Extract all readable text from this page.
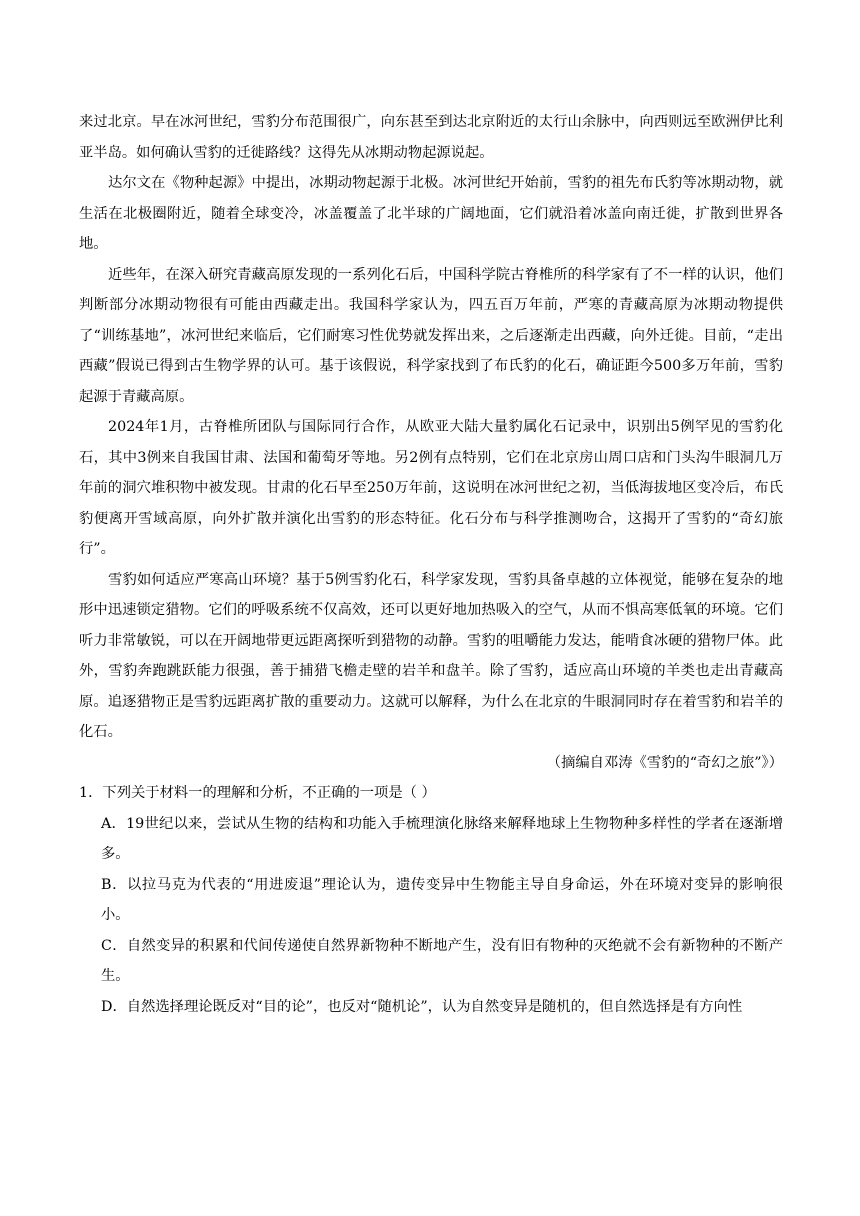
来过北京。早在冰河世纪，雪豹分布范围很广，向东甚至到达北京附近的太行山余脉中，向西则远至欧洲伊比利亚半岛。如何确认雪豹的迁徙路线？这得先从冰期动物起源说起。

达尔文在《物种起源》中提出，冰期动物起源于北极。冰河世纪开始前，雪豹的祖先布氏豹等冰期动物，就生活在北极圈附近，随着全球变冷，冰盖覆盖了北半球的广阔地面，它们就沿着冰盖向南迁徙，扩散到世界各地。

近些年，在深入研究青藏高原发现的一系列化石后，中国科学院古脊椎所的科学家有了不一样的认识，他们判断部分冰期动物很有可能由西藏走出。我国科学家认为，四五百万年前，严寒的青藏高原为冰期动物提供了“训练基地”，冰河世纪来临后，它们耐寒习性优势就发挥出来，之后逐渐走出西藏，向外迁徙。目前，“走出西藏”假说已得到古生物学界的认可。基于该假说，科学家找到了布氏豹的化石，确证距今500多万年前，雪豹起源于青藏高原。

2024年1月，古脊椎所团队与国际同行合作，从欧亚大陆大量豹属化石记录中，识别出5例罕见的雪豹化石，其中3例来自我国甘肃、法国和葡萄牙等地。另2例有点特别，它们在北京房山周口店和门头沟牛眼洞几万年前的洞穴堆积物中被发现。甘肃的化石早至250万年前，这说明在冰河世纪之初，当低海拔地区变冷后，布氏豹便离开雪域高原，向外扩散并演化出雪豹的形态特征。化石分布与科学推测吻合，这揭开了雪豹的“奇幻旅行”。

雪豹如何适应严寒高山环境？基于5例雪豹化石，科学家发现，雪豹具备卓越的立体视觉，能够在复杂的地形中迅速锁定猎物。它们的呼吸系统不仅高效，还可以更好地加热吸入的空气，从而不惧高寒低氧的环境。它们听力非常敏锐，可以在开阔地带更远距离探听到猎物的动静。雪豹的咀嚼能力发达，能啃食冰硬的猎物尸体。此外，雪豹奔跑跳跃能力很强，善于捕猎飞檐走壁的岩羊和盘羊。除了雪豹，适应高山环境的羊类也走出青藏高原。追逐猎物正是雪豹远距离扩散的重要动力。这就可以解释，为什么在北京的牛眼洞同时存在着雪豹和岩羊的化石。

（摘编自邓涛《雪豹的“奇幻之旅”》）

1．下列关于材料一的理解和分析，不正确的一项是（ ）

A．19世纪以来，尝试从生物的结构和功能入手梳理演化脉络来解释地球上生物物种多样性的学者在逐渐增多。

B．以拉马克为代表的“用进废退”理论认为，遗传变异中生物能主导自身命运，外在环境对变异的影响很小。

C．自然变异的积累和代间传递使自然界新物种不断地产生，没有旧有物种的灭绝就不会有新物种的不断产生。

D．自然选择理论既反对“目的论”，也反对“随机论”，认为自然变异是随机的，但自然选择是有方向性
